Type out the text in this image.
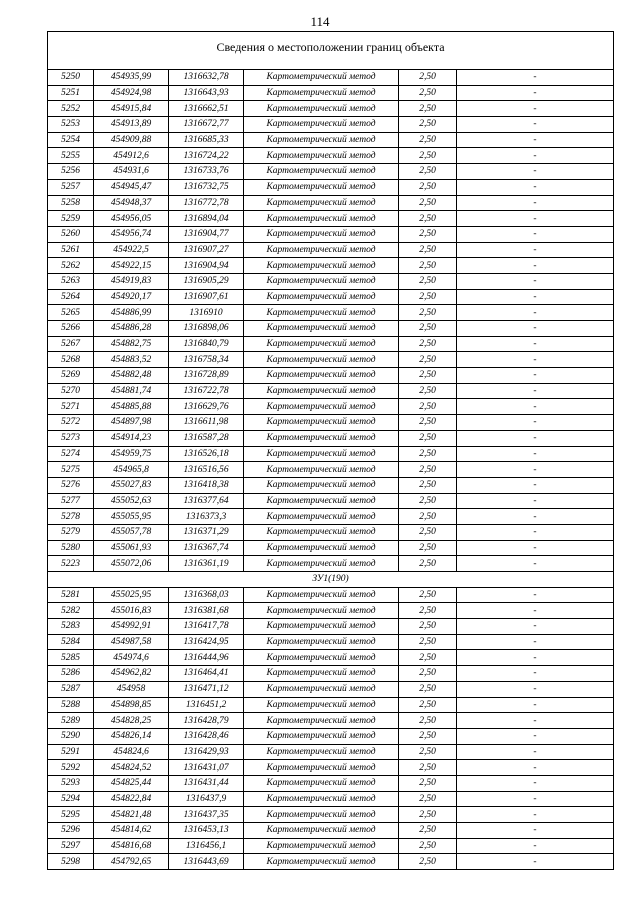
114
Сведения о местоположении границ объекта					
5250	454935,99	1316632,78	Картометрический метод	2,50	-
5251	454924,98	1316643,93	Картометрический метод	2,50	-
5252	454915,84	1316662,51	Картометрический метод	2,50	-
5253	454913,89	1316672,77	Картометрический метод	2,50	-
5254	454909,88	1316685,33	Картометрический метод	2,50	-
5255	454912,6	1316724,22	Картометрический метод	2,50	-
5256	454931,6	1316733,76	Картометрический метод	2,50	-
5257	454945,47	1316732,75	Картометрический метод	2,50	-
5258	454948,37	1316772,78	Картометрический метод	2,50	-
5259	454956,05	1316894,04	Картометрический метод	2,50	-
5260	454956,74	1316904,77	Картометрический метод	2,50	-
5261	454922,5	1316907,27	Картометрический метод	2,50	-
5262	454922,15	1316904,94	Картометрический метод	2,50	-
5263	454919,83	1316905,29	Картометрический метод	2,50	-
5264	454920,17	1316907,61	Картометрический метод	2,50	-
5265	454886,99	1316910	Картометрический метод	2,50	-
5266	454886,28	1316898,06	Картометрический метод	2,50	-
5267	454882,75	1316840,79	Картометрический метод	2,50	-
5268	454883,52	1316758,34	Картометрический метод	2,50	-
5269	454882,48	1316728,89	Картометрический метод	2,50	-
5270	454881,74	1316722,78	Картометрический метод	2,50	-
5271	454885,88	1316629,76	Картометрический метод	2,50	-
5272	454897,98	1316611,98	Картометрический метод	2,50	-
5273	454914,23	1316587,28	Картометрический метод	2,50	-
5274	454959,75	1316526,18	Картометрический метод	2,50	-
5275	454965,8	1316516,56	Картометрический метод	2,50	-
5276	455027,83	1316418,38	Картометрический метод	2,50	-
5277	455052,63	1316377,64	Картометрический метод	2,50	-
5278	455055,95	1316373,3	Картометрический метод	2,50	-
5279	455057,78	1316371,29	Картометрический метод	2,50	-
5280	455061,93	1316367,74	Картометрический метод	2,50	-
5223	455072,06	1316361,19	Картометрический метод	2,50	-
ЗУ1(190)					
5281	455025,95	1316368,03	Картометрический метод	2,50	-
5282	455016,83	1316381,68	Картометрический метод	2,50	-
5283	454992,91	1316417,78	Картометрический метод	2,50	-
5284	454987,58	1316424,95	Картометрический метод	2,50	-
5285	454974,6	1316444,96	Картометрический метод	2,50	-
5286	454962,82	1316464,41	Картометрический метод	2,50	-
5287	454958	1316471,12	Картометрический метод	2,50	-
5288	454898,85	1316451,2	Картометрический метод	2,50	-
5289	454828,25	1316428,79	Картометрический метод	2,50	-
5290	454826,14	1316428,46	Картометрический метод	2,50	-
5291	454824,6	1316429,93	Картометрический метод	2,50	-
5292	454824,52	1316431,07	Картометрический метод	2,50	-
5293	454825,44	1316431,44	Картометрический метод	2,50	-
5294	454822,84	1316437,9	Картометрический метод	2,50	-
5295	454821,48	1316437,35	Картометрический метод	2,50	-
5296	454814,62	1316453,13	Картометрический метод	2,50	-
5297	454816,68	1316456,1	Картометрический метод	2,50	-
5298	454792,65	1316443,69	Картометрический метод	2,50	-
